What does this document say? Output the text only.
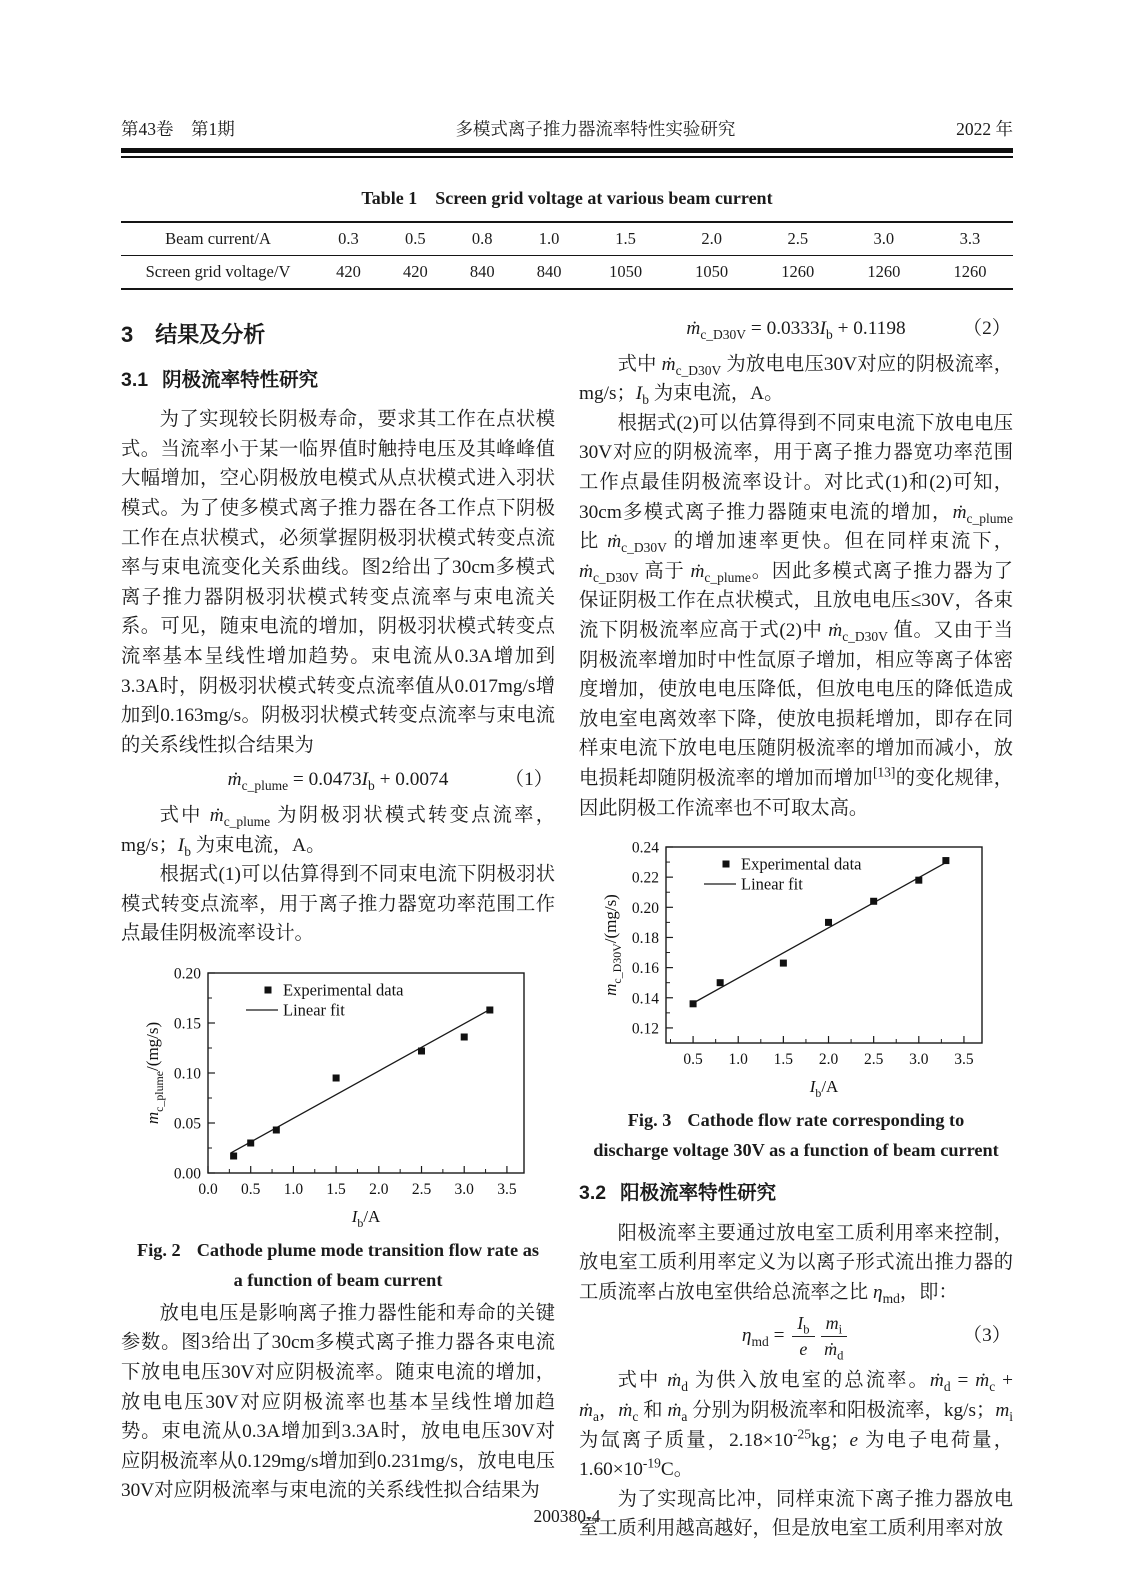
第43卷　第1期	多模式离子推力器流率特性实验研究	2022 年
Table 1 Screen grid voltage at various beam current
Beam current/A	0.3	0.5	0.8	1.0	1.5	2.0	2.5	3.0	3.3
Screen grid voltage/V	420	420	840	840	1050	1050	1260	1260	1260
3 结果及分析
3.1 阴极流率特性研究

为了实现较长阴极寿命，要求其工作在点状模式。当流率小于某一临界值时触持电压及其峰峰值大幅增加，空心阴极放电模式从点状模式进入羽状模式。为了使多模式离子推力器在各工作点下阴极工作在点状模式，必须掌握阴极羽状模式转变点流率与束电流变化关系曲线。图2给出了30cm多模式离子推力器阴极羽状模式转变点流率与束电流关系。可见，随束电流的增加，阴极羽状模式转变点流率基本呈线性增加趋势。束电流从0.3A增加到3.3A时，阴极羽状模式转变点流率值从0.017mg/s增加到0.163mg/s。阴极羽状模式转变点流率与束电流的关系线性拟合结果为

ṁ$_{c\_plume}$ = $0.0473I_b + 0.0074$	（1）

式中 ṁ$_{c\_plume}$ 为阴极羽状模式转变点流率，mg/s；$I_b$ 为束电流，A。

根据式(1)可以估算得到不同束电流下阴极羽状模式转变点流率，用于离子推力器宽功率范围工作点最佳阴极流率设计。

0.0 0.5 1.0 1.5 2.0 2.5 3.0 3.5
0.00
0.05
0.10
0.15
0.20
Experimental data
Linear fit
$I_b/A$
$m_{c\_plume}/(mg/s)$
Fig. 2 Cathode plume mode transition flow rate as a function of beam current

放电电压是影响离子推力器性能和寿命的关键参数。图3给出了30cm多模式离子推力器各束电流下放电电压30V对应阴极流率。随束电流的增加，放电电压30V对应阴极流率也基本呈线性增加趋势。束电流从0.3A增加到3.3A时，放电电压30V对应阴极流率从0.129mg/s增加到0.231mg/s，放电电压30V对应阴极流率与束电流的关系线性拟合结果为

ṁ$_{c\_D30V}$ = $0.0333I_b + 0.1198$	（2）

式中 ṁ$_{c\_D30V}$ 为放电电压30V对应的阴极流率，mg/s；$I_b$ 为束电流，A。

根据式(2)可以估算得到不同束电流下放电电压30V对应的阴极流率，用于离子推力器宽功率范围工作点最佳阴极流率设计。对比式(1)和(2)可知，30cm多模式离子推力器随束电流的增加，ṁ$_{c\_plume}$ 比 ṁ$_{c\_D30V}$ 的增加速率更快。但在同样束流下，ṁ$_{c\_D30V}$ 高于 ṁ$_{c\_plume}$。因此多模式离子推力器为了保证阴极工作在点状模式，且放电电压≤30V，各束流下阴极流率应高于式(2)中 ṁ$_{c\_D30V}$ 值。又由于当阴极流率增加时中性氙原子增加，相应等离子体密度增加，使放电电压降低，但放电电压的降低造成放电室电离效率下降，使放电损耗增加，即存在同样束电流下放电电压随阴极流率的增加而减小，放电损耗却随阴极流率的增加而增加[13]的变化规律，因此阴极工作流率也不可取太高。

0.5 1.0 1.5 2.0 2.5 3.0 3.5
0.12
0.14
0.16
0.18
0.20
0.22
0.24
Experimental data
Linear fit
$I_b/A$
$m_{c\_D30V}/(mg/s)$
Fig. 3 Cathode flow rate corresponding to discharge voltage 30V as a function of beam current
3.2 阳极流率特性研究

阳极流率主要通过放电室工质利用率来控制，放电室工质利用率定义为以离子形式流出推力器的工质流率占放电室供给总流率之比 $\eta_{md}$，即：

$\eta_{md} = \frac{I_b}{e} \frac{m_i}{ṁ_d}$	（3）

式中 ṁ$_d$ 为供入放电室的总流率。ṁ$_d$ = ṁ$_c$ + ṁ$_a$，ṁ$_c$ 和 ṁ$_a$ 分别为阴极流率和阳极流率，kg/s；$m_i$ 为氙离子质量，$2.18\times 10^{-25}kg$；e 为电子电荷量，$1.60\times 10^{-19}C$。

为了实现高比冲，同样束流下离子推力器放电室工质利用越高越好，但是放电室工质利用率对放

200380-4
